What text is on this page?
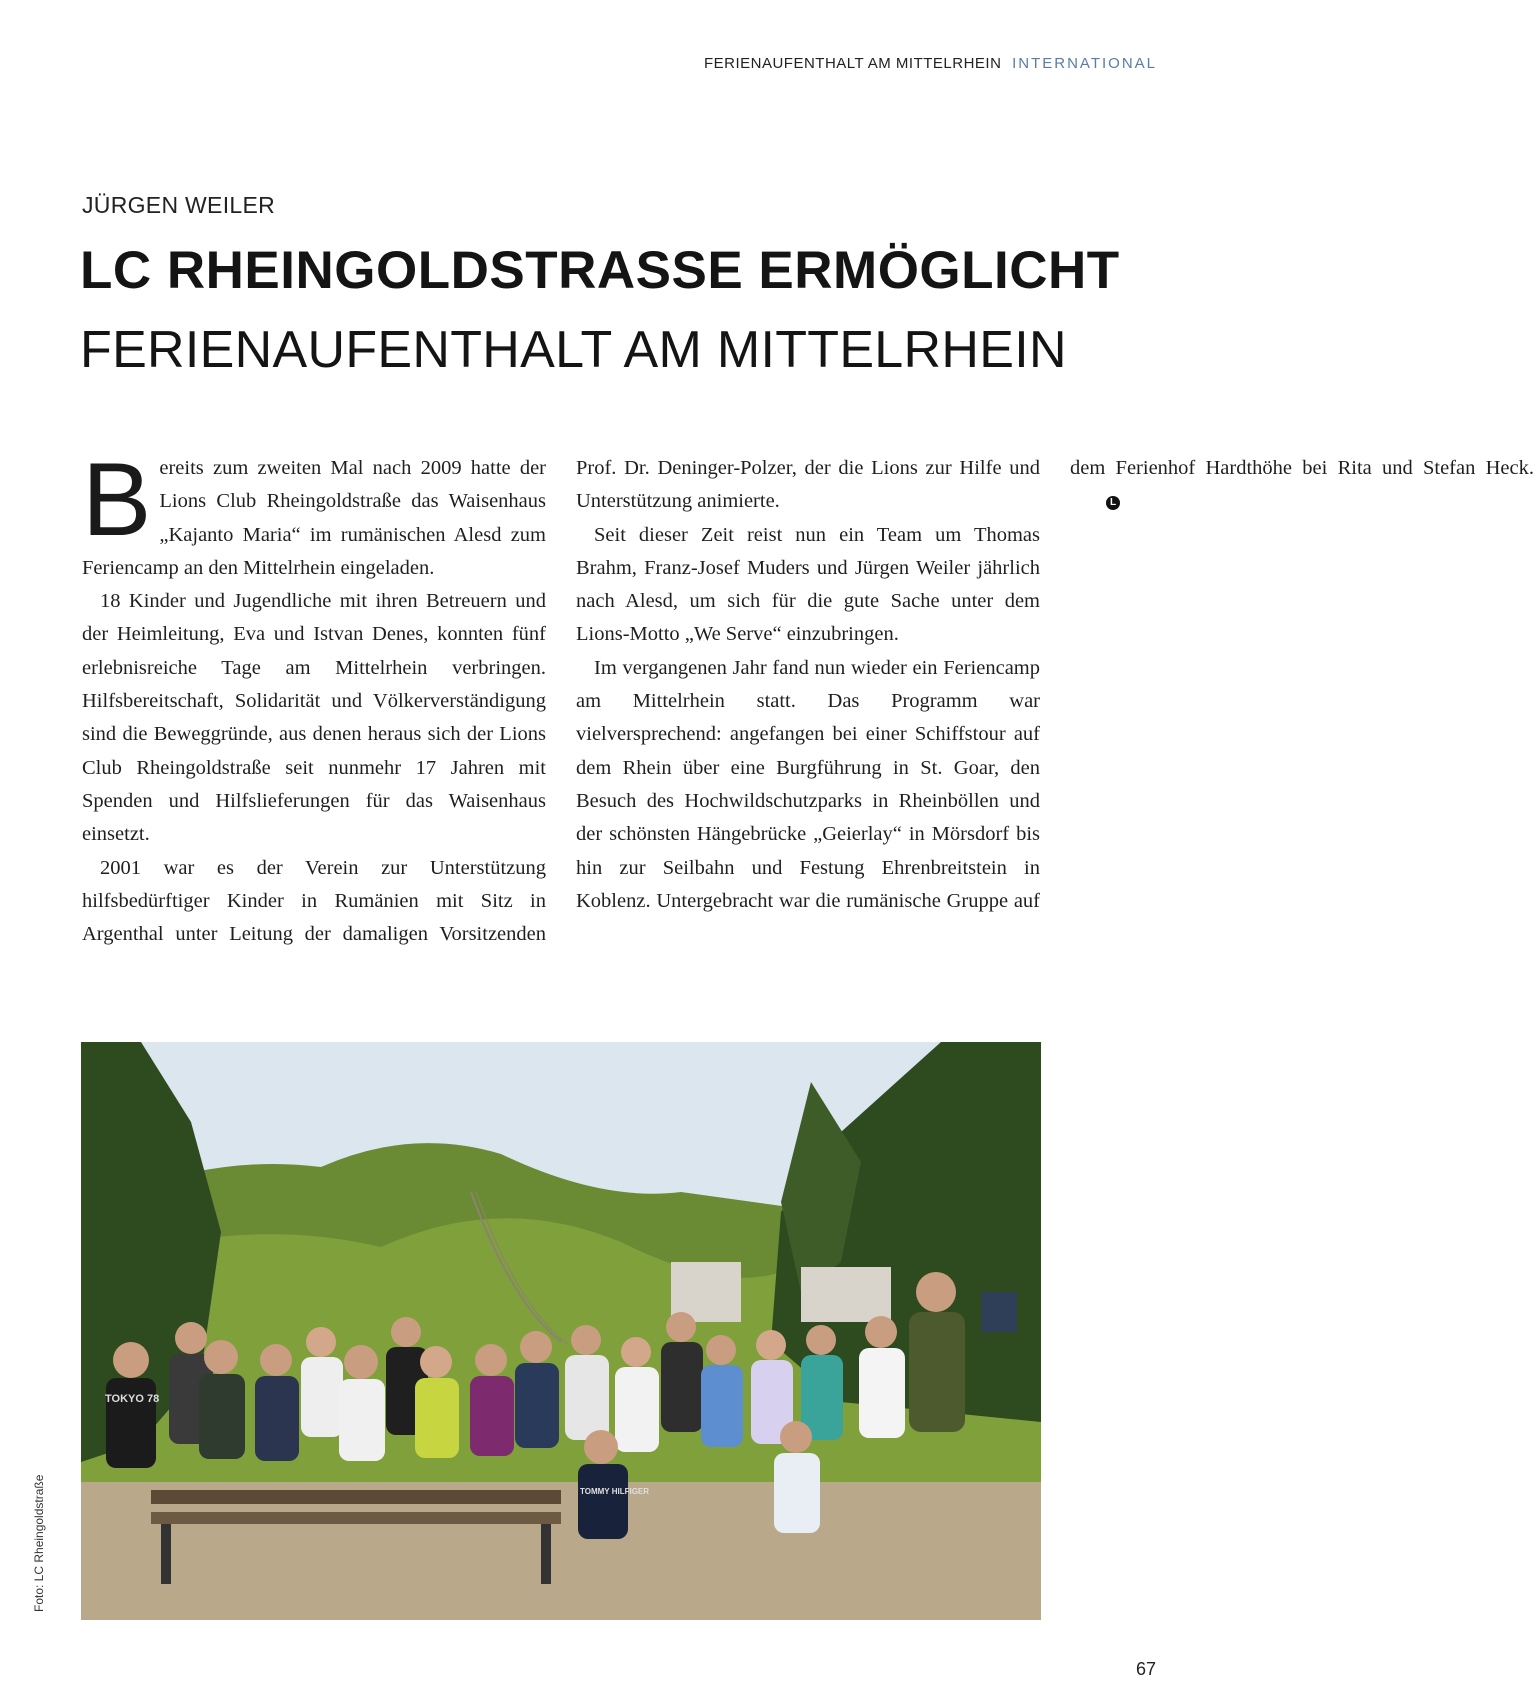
FERIENAUFENTHALT AM MITTELRHEIN INTERNATIONAL
JÜRGEN WEILER
LC RHEINGOLDSTRASSE ERMÖGLICHT
FERIENAUFENTHALT AM MITTELRHEIN

Bereits zum zweiten Mal nach 2009 hatte der Lions Club Rheingoldstraße das Waisenhaus „Kajanto Maria“ im rumänischen Alesd zum Feriencamp an den Mittelrhein eingeladen.

18 Kinder und Jugendliche mit ihren Betreuern und der Heimleitung, Eva und Istvan Denes, konnten fünf erlebnisreiche Tage am Mittelrhein verbringen. Hilfsbereitschaft, Solidarität und Völkerverständigung sind die Beweggründe, aus denen heraus sich der Lions Club Rheingoldstraße seit nunmehr 17 Jahren mit Spenden und Hilfslieferungen für das Waisenhaus einsetzt.

2001 war es der Verein zur Unterstützung hilfsbedürftiger Kinder in Rumänien mit Sitz in Argenthal unter Leitung der damaligen Vorsitzenden Prof. Dr. Deninger-Polzer, der die Lions zur Hilfe und Unterstützung animierte.

Seit dieser Zeit reist nun ein Team um Thomas Brahm, Franz-Josef Muders und Jürgen Weiler jährlich nach Alesd, um sich für die gute Sache unter dem Lions-Motto „We Serve“ einzubringen.

Im vergangenen Jahr fand nun wieder ein Feriencamp am Mittelrhein statt. Das Programm war vielversprechend: angefangen bei einer Schiffstour auf dem Rhein über eine Burgführung in St. Goar, den Besuch des Hochwildschutzparks in Rheinböllen und der schönsten Hängebrücke „Geierlay“ in Mörsdorf bis hin zur Seilbahn und Festung Ehrenbreitstein in Koblenz. Untergebracht war die rumänische Gruppe auf dem Ferienhof Hardthöhe bei Rita und Stefan Heck.L

TOKYO 78
TOMMY HILFIGER
Foto: LC Rheingoldstraße
67
